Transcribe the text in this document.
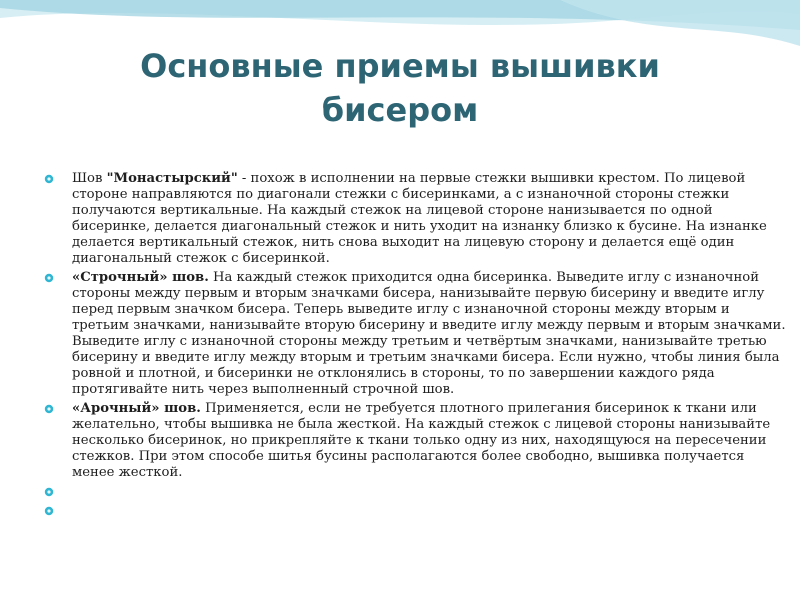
Основные приемы вышивки бисером
Шов "Монастырский" - похож в исполнении на первые стежки вышивки крестом. По лицевой стороне направляются по диагонали стежки с бисеринками, а с изнаночной стороны стежки получаются вертикальные. На каждый стежок на лицевой стороне нанизывается по одной бисеринке, делается диагональный стежок и нить уходит на изнанку близко к бусине. На изнанке делается вертикальный стежок, нить снова выходит на лицевую сторону и делается ещё один диагональный стежок с бисеринкой.
«Строчный» шов. На каждый стежок приходится одна бисеринка. Выведите иглу с изнаночной стороны между первым и вторым значками бисера, нанизывайте первую бисерину и введите иглу перед первым значком бисера. Теперь выведите иглу с изнаночной стороны между вторым и третьим значками, нанизывайте вторую бисерину и введите иглу между первым и вторым значками. Выведите иглу с изнаночной стороны между третьим и четвёртым значками, нанизывайте третью бисерину и введите иглу между вторым и третьим значками бисера. Если нужно, чтобы линия была ровной и плотной, и бисеринки не отклонялись в стороны, то по завершении каждого ряда протягивайте нить через выполненный строчной шов.
«Арочный» шов. Применяется, если не требуется плотного прилегания бисеринок к ткани или желательно, чтобы вышивка не была жесткой. На каждый стежок с лицевой стороны нанизывайте несколько бисеринок, но прикрепляйте к ткани только одну из них, находящуюся на пересечении стежков. При этом способе шитья бусины располагаются более свободно, вышивка получается менее жесткой.
